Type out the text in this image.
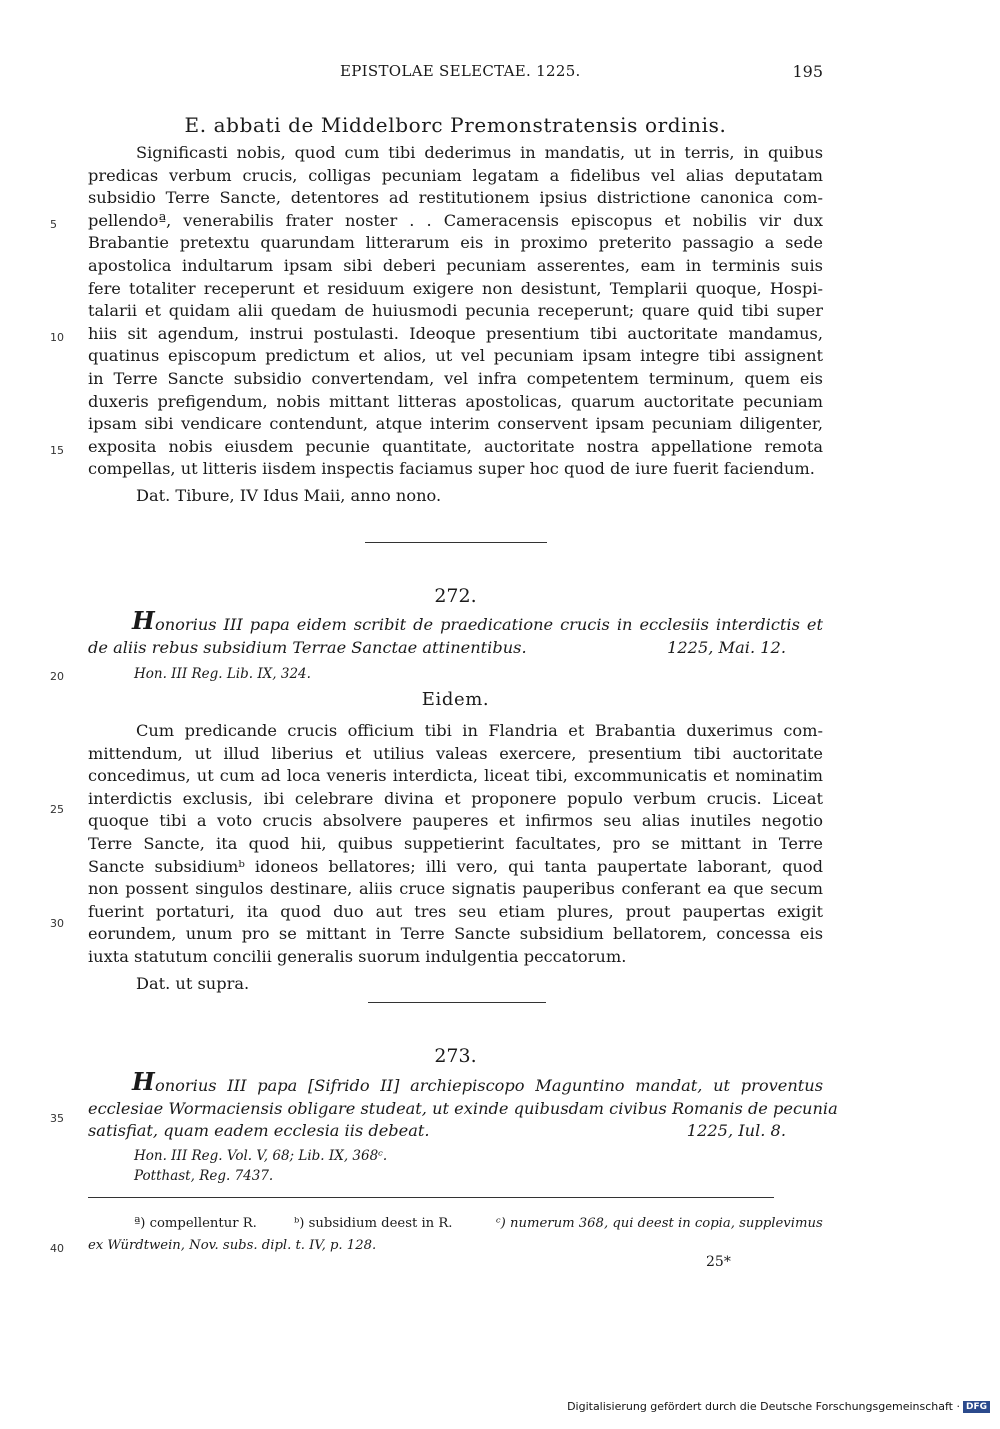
EPISTOLAE SELECTAE. 1225.	195
E. abbati de Middelborc Premonstratensis ordinis.
Significasti nobis, quod cum tibi dederimus in mandatis, ut in terris, in quibus
predicas verbum crucis, colligas pecuniam legatam a fidelibus vel alias deputatam
subsidio Terre Sancte, detentores ad restitutionem ipsius districtione canonica com-
pellendoª, venerabilis frater noster . . Cameracensis episcopus et nobilis vir dux
Brabantie pretextu quarundam litterarum eis in proximo preterito passagio a sede
apostolica indultarum ipsam sibi deberi pecuniam asserentes, eam in terminis suis
fere totaliter receperunt et residuum exigere non desistunt, Templarii quoque, Hospi-
talarii et quidam alii quedam de huiusmodi pecunia receperunt; quare quid tibi super
hiis sit agendum, instrui postulasti. Ideoque presentium tibi auctoritate mandamus,
quatinus episcopum predictum et alios, ut vel pecuniam ipsam integre tibi assignent
in Terre Sancte subsidio convertendam, vel infra competentem terminum, quem eis
duxeris prefigendum, nobis mittant litteras apostolicas, quarum auctoritate pecuniam
ipsam sibi vendicare contendunt, atque interim conservent ipsam pecuniam diligenter,
exposita nobis eiusdem pecunie quantitate, auctoritate nostra appellatione remota
compellas, ut litteris iisdem inspectis faciamus super hoc quod de iure fuerit faciendum.
Dat. Tibure, IV Idus Maii, anno nono.
272.
H onorius III papa eidem scribit de praedicatione crucis in ecclesiis interdictis et
de aliis rebus subsidium Terrae Sanctae attinentibus.	1225, Mai. 12.
Hon. III Reg. Lib. IX, 324.
Eidem.
Cum predicande crucis officium tibi in Flandria et Brabantia duxerimus com-
mittendum, ut illud liberius et utilius valeas exercere, presentium tibi auctoritate
concedimus, ut cum ad loca veneris interdicta, liceat tibi, excommunicatis et nominatim
interdictis exclusis, ibi celebrare divina et proponere populo verbum crucis. Liceat
quoque tibi a voto crucis absolvere pauperes et infirmos seu alias inutiles negotio
Terre Sancte, ita quod hii, quibus suppetierint facultates, pro se mittant in Terre
Sancte subsidiumᵇ idoneos bellatores; illi vero, qui tanta paupertate laborant, quod
non possent singulos destinare, aliis cruce signatis pauperibus conferant ea que secum
fuerint portaturi, ita quod duo aut tres seu etiam plures, prout paupertas exigit
eorundem, unum pro se mittant in Terre Sancte subsidium bellatorem, concessa eis
iuxta statutum concilii generalis suorum indulgentia peccatorum.
Dat. ut supra.
273.
H onorius III papa [Sifrido II] archiepiscopo Maguntino mandat, ut proventus
ecclesiae Wormaciensis obligare studeat, ut exinde quibusdam civibus Romanis de pecunia
satisfiat, quam eadem ecclesia iis debeat.	1225, Iul. 8.
Hon. III Reg. Vol. V, 68; Lib. IX, 368ᶜ.
Potthast, Reg. 7437.
ª) compellentur R.	ᵇ) subsidium deest in R.	ᶜ) numerum 368, qui deest in copia, supplevimus
ex Würdtwein, Nov. subs. dipl. t. IV, p. 128.
25*
5
10
15
20
25
30
35
40
Digitalisierung gefördert durch die Deutsche Forschungsgemeinschaft · DFG
